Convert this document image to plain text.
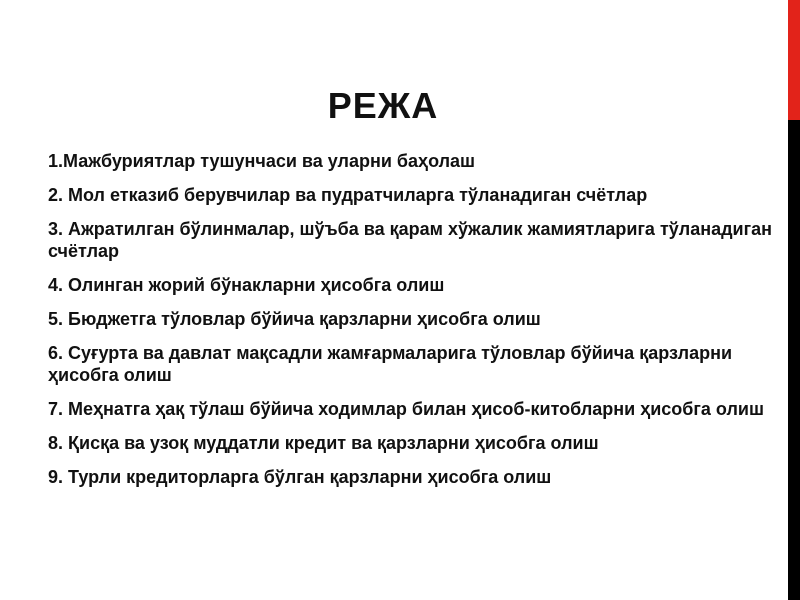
РЕЖА
1.Мажбуриятлар тушунчаси ва уларни баҳолаш
2. Мол етказиб берувчилар ва пудратчиларга тўланадиган счётлар
3. Ажратилган бўлинмалар, шўъба ва қарам хўжалик жамиятларига тўланадиган счётлар
4. Олинган жорий бўнакларни ҳисобга олиш
5. Бюджетга тўловлар бўйича қарзларни ҳисобга олиш
6. Суғурта ва давлат мақсадли жамғармаларига тўловлар бўйича қарзларни ҳисобга олиш
7. Меҳнатга ҳақ тўлаш бўйича ходимлар билан ҳисоб-китобларни ҳисобга олиш
8. Қисқа ва узоқ муддатли кредит ва қарзларни ҳисобга олиш
9. Турли кредиторларга бўлган қарзларни ҳисобга олиш
